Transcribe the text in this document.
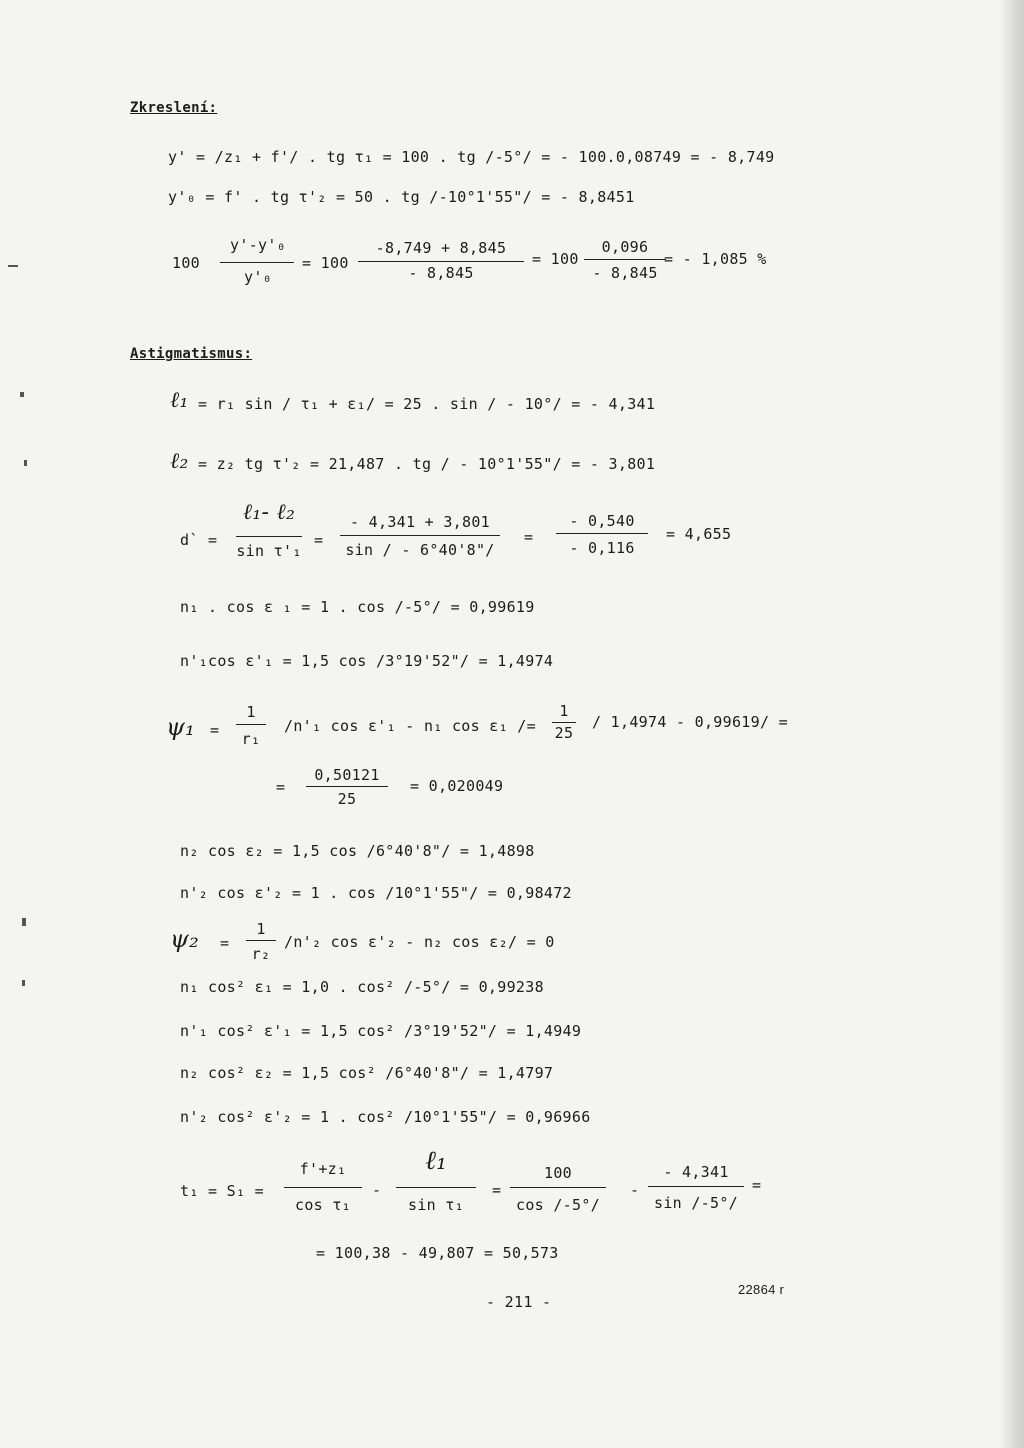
Zkreslení:
y' = /z₁ + f'/ . tg τ₁ = 100 . tg /-5°/ = - 100.0,08749 = - 8,749
y'₀ = f' . tg τ'₂ = 50 . tg /-10°1'55"/ = - 8,8451
100
y'-y'₀
y'₀
= 100
-8,749 + 8,845
- 8,845
= 100
0,096
- 8,845
= - 1,085 %
Astigmatismus:
ℓ₁ = r₁ sin / τ₁ + ε₁/ = 25 . sin / - 10°/ = - 4,341
ℓ₂ = z₂ tg τ'₂ = 21,487 . tg / - 10°1'55"/ = - 3,801
d` =
ℓ₁- ℓ₂
sin τ'₁
=
- 4,341 + 3,801
sin / - 6°40'8"/
=
- 0,540
- 0,116
= 4,655
n₁ . cos ε ₁ = 1 . cos /-5°/ = 0,99619
n'₁cos ε'₁ = 1,5 cos /3°19'52"/ = 1,4974
ψ₁ =
1
r₁
/n'₁ cos ε'₁ - n₁ cos ε₁ /=
1
25
/ 1,4974 - 0,99619/ =
=
0,50121
25
= 0,020049
n₂ cos ε₂ = 1,5 cos /6°40'8"/ = 1,4898
n'₂ cos ε'₂ = 1 . cos /10°1'55"/ = 0,98472
ψ₂ =
1
r₂
/n'₂ cos ε'₂ - n₂ cos ε₂/ = 0
n₁ cos² ε₁ = 1,0 . cos² /-5°/ = 0,99238
n'₁ cos² ε'₁ = 1,5 cos² /3°19'52"/ = 1,4949
n₂ cos² ε₂ = 1,5 cos² /6°40'8"/ = 1,4797
n'₂ cos² ε'₂ = 1 . cos² /10°1'55"/ = 0,96966
t₁ = S₁ =
f'+z₁
cos τ₁
-
ℓ₁
sin τ₁
=
100
cos /-5°/
-
- 4,341
sin /-5°/
=
= 100,38 - 49,807 = 50,573
- 211 -
22864 r
